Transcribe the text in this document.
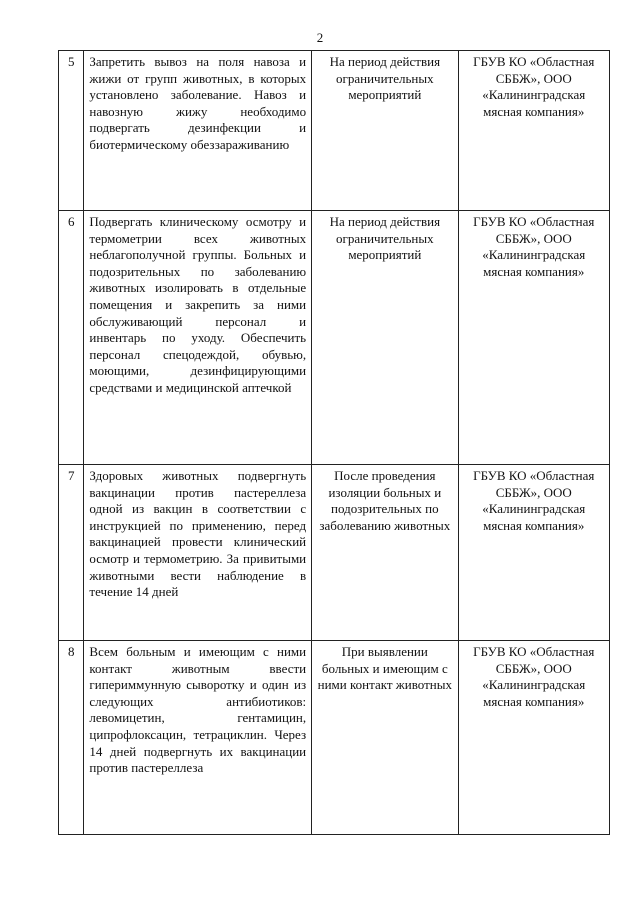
2
5	Запретить вывоз на поля навоза и жижи от групп животных, в которых установлено заболевание. Навоз и навозную жижу необходимо подвергать дезинфекции и биотермическому обеззараживанию	На период действия ограничительных мероприятий	ГБУВ КО «Областная СББЖ», ООО «Калининградская мясная компания»
6	Подвергать клиническому осмотру и термометрии всех животных неблагополучной группы. Больных и подозрительных по заболеванию животных изолировать в отдельные помещения и закрепить за ними обслуживающий персонал и инвентарь по уходу. Обеспечить персонал спецодеждой, обувью, моющими, дезинфицирующими средствами и медицинской аптечкой	На период действия ограничительных мероприятий	ГБУВ КО «Областная СББЖ», ООО «Калининградская мясная компания»
7	Здоровых животных подвергнуть вакцинации против пастереллеза одной из вакцин в соответствии с инструкцией по применению, перед вакцинацией провести клинический осмотр и термометрию. За привитыми животными вести наблюдение в течение 14 дней	После проведения изоляции больных и подозрительных по заболеванию животных	ГБУВ КО «Областная СББЖ», ООО «Калининградская мясная компания»
8	Всем больным и имеющим с ними контакт животным ввести гипериммунную сыворотку и один из следующих антибиотиков: левомицетин, гентамицин, ципрофлоксацин, тетрациклин. Через 14 дней подвергнуть их вакцинации против пастереллеза	При выявлении больных и имеющим с ними контакт животных	ГБУВ КО «Областная СББЖ», ООО «Калининградская мясная компания»
